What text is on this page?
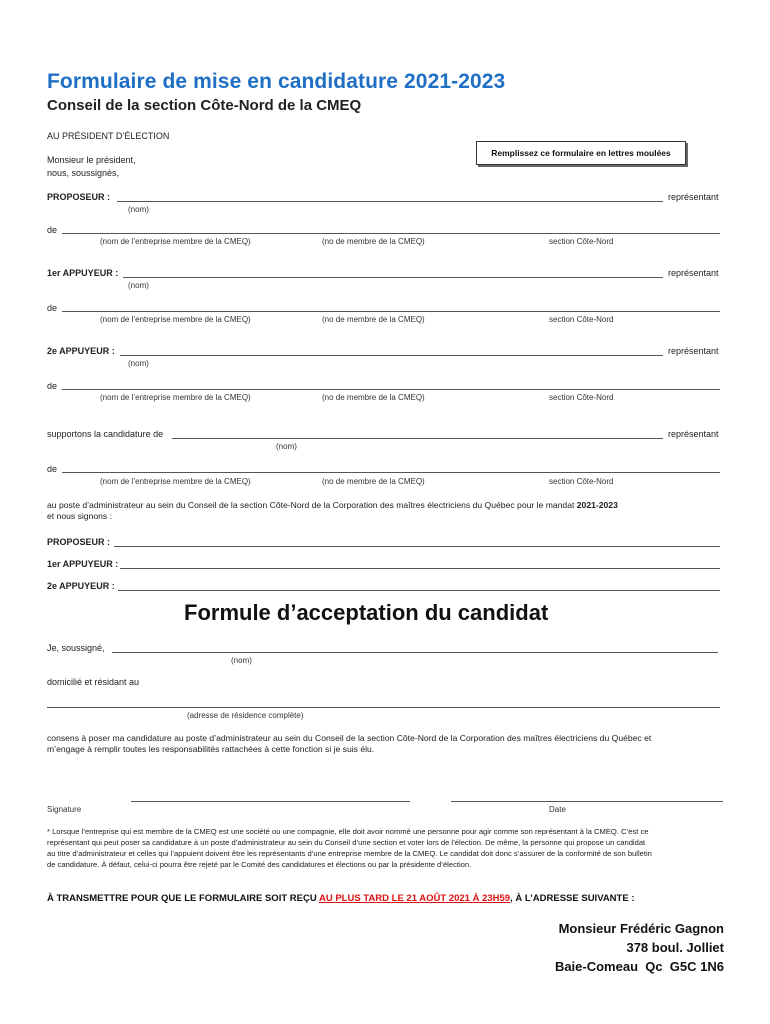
Formulaire de mise en candidature 2021-2023
Conseil de la section Côte-Nord de la CMEQ
AU PRÉSIDENT D’ÉLECTION
Remplissez ce formulaire en lettres moulées
Monsieur le président,
nous, soussignés,
PROPOSEUR :	représentant
(nom)
de
(nom de l’entreprise membre de la CMEQ)	(no de membre de la CMEQ)	section Côte-Nord
1er APPUYEUR :	représentant
(nom)
de
(nom de l’entreprise membre de la CMEQ)	(no de membre de la CMEQ)	section Côte-Nord
2e APPUYEUR :	représentant
(nom)
de
(nom de l’entreprise membre de la CMEQ)	(no de membre de la CMEQ)	section Côte-Nord
supportons la candidature de	représentant
(nom)
de
(nom de l’entreprise membre de la CMEQ)	(no de membre de la CMEQ)	section Côte-Nord
au poste d’administrateur au sein du Conseil de la section Côte-Nord de la Corporation des maîtres électriciens du Québec pour le mandat 2021-2023
et nous signons :
PROPOSEUR :
1er APPUYEUR :
2e APPUYEUR :
Formule d’acceptation du candidat
Je, soussigné,
(nom)
domicilié et résidant au
(adresse de résidence complète)
consens à poser ma candidature au poste d’administrateur au sein du Conseil de la section Côte-Nord de la Corporation des maîtres électriciens du Québec et
m’engage à remplir toutes les responsabilités rattachées à cette fonction si je suis élu.
Signature	Date
* Lorsque l’entreprise qui est membre de la CMEQ est une société ou une compagnie, elle doit avoir nommé une personne pour agir comme son représentant à la CMEQ. C’est ce
représentant qui peut poser sa candidature à un poste d’administrateur au sein du Conseil d’une section et voter lors de l’élection. De même, la personne qui propose un candidat
au titre d’administrateur et celles qui l’appuient doivent être les représentants d’une entreprise membre de la CMEQ. Le candidat doit donc s’assurer de la conformité de son bulletin
de candidature. À défaut, celui-ci pourra être rejeté par le Comité des candidatures et élections ou par la présidente d’élection.
À TRANSMETTRE POUR QUE LE FORMULAIRE SOIT REÇU AU PLUS TARD LE 21 AOÛT 2021 À 23H59, À L’ADRESSE SUIVANTE :
Monsieur Frédéric Gagnon
378 boul. Jolliet
Baie-Comeau  Qc  G5C 1N6
